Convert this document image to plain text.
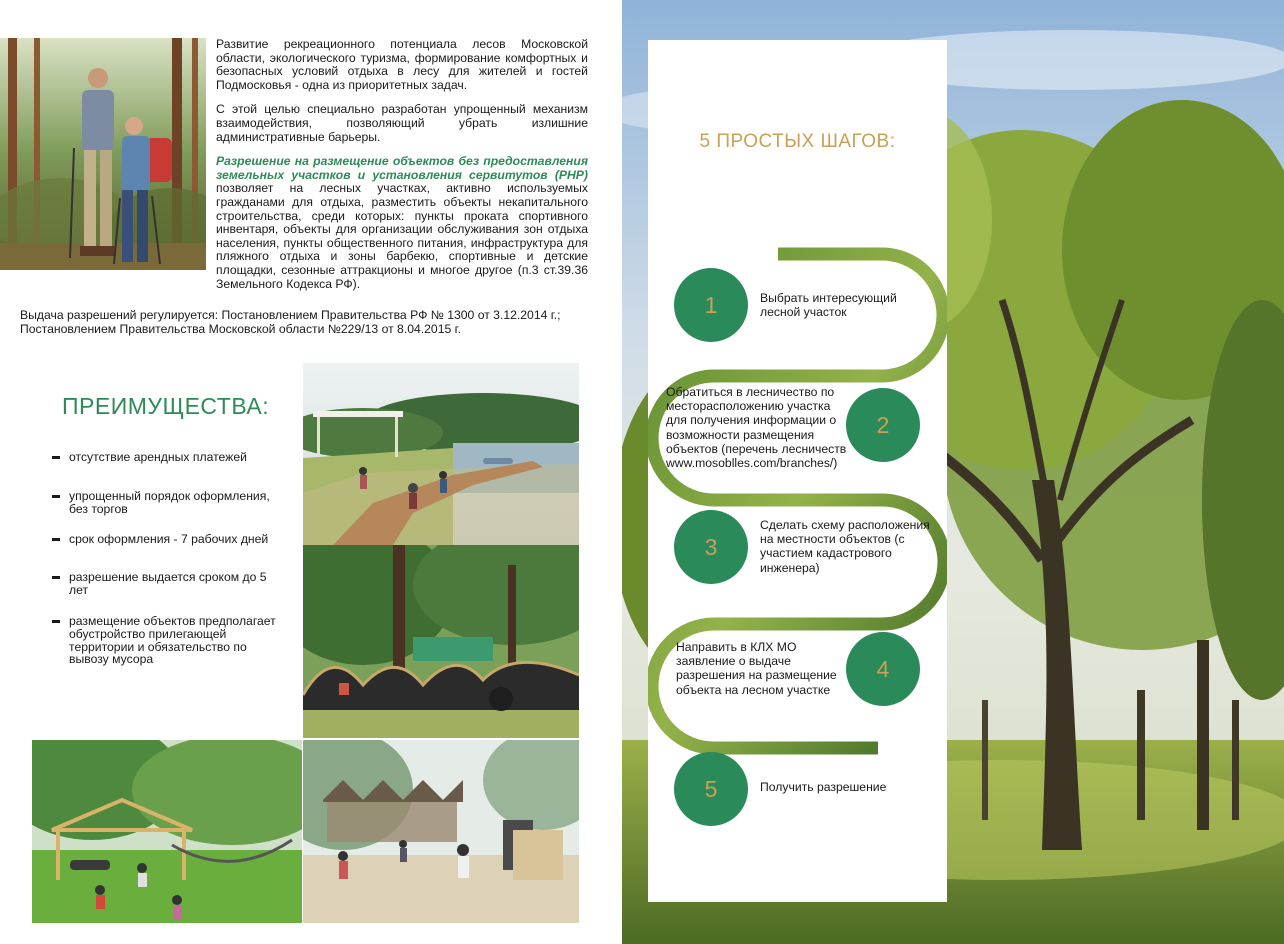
Развитие рекреационного потенциала лесов Московской области, экологического туризма, формирование комфортных и безопасных условий отдыха в лесу для жителей и гостей Подмосковья - одна из приоритетных задач.

С этой целью специально разработан упрощенный механизм взаимодействия, позволяющий убрать излишние административные барьеры.

Разрешение на размещение объектов без предоставления земельных участков и установления сервитутов (РНР) позволяет на лесных участках, активно используемых гражданами для отдыха, разместить объекты некапитального строительства, среди которых: пункты проката спортивного инвентаря, объекты для организации обслуживания зон отдыха населения, пункты общественного питания, инфраструктура для пляжного отдыха и зоны барбекю, спортивные и детские площадки, сезонные аттракционы и многое другое (п.3 ст.39.36 Земельного Кодекса РФ).

Выдача разрешений регулируется: Постановлением Правительства РФ № 1300 от 3.12.2014 г.; Постановлением Правительства Московской области №229/13 от 8.04.2015 г.

ПРЕИМУЩЕСТВА:
отсутствие арендных платежей
упрощенный порядок оформления, без торгов
срок оформления - 7 рабочих дней
разрешение выдается сроком до 5 лет
размещение объектов предполагает обустройство прилегающей территории и обязательство по вывозу мусора
5 ПРОСТЫХ ШАГОВ:
1	Выбрать интересующий лесной участок
2
Обратиться в лесничество по месторасположению участка для получения информации о возможности размещения объектов (перечень лесничеств www.mosoblles.com/branches/)
3
Сделать схему расположения на местности объектов (с участием кадастрового инженера)
4
Направить в КЛХ МО заявление о выдаче разрешения на размещение объекта на лесном участке
5	Получить разрешение
